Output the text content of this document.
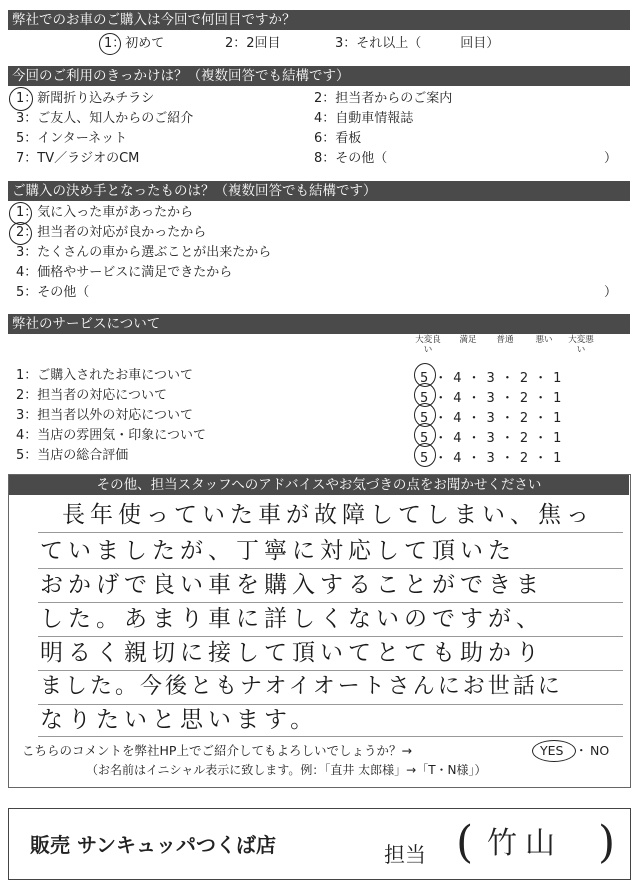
弊社でのお車のご購入は今回で何回目ですか？
1：初めて	2：2回目	3：それ以上（　　　回目）
今回のご利用のきっかけは？（複数回答でも結構です）
1：新聞折り込みチラシ	2：担当者からのご案内
3：ご友人、知人からのご紹介	4：自動車情報誌
5：インターネット	6：看板
7：TV／ラジオのCM	8：その他（	）
ご購入の決め手となったものは？（複数回答でも結構です）
1：気に入った車があったから
2：担当者の対応が良かったから
3：たくさんの車から選ぶことが出来たから
4：価格やサービスに満足できたから
5：その他（	）
弊社のサービスについて
大変良い
満足	普通	悪い	大変悪い
1：ご購入されたお車について	5・4・3・2・1
2：担当者の対応について	5・4・3・2・1
3：担当者以外の対応について	5・4・3・2・1
4：当店の雰囲気・印象について	5・4・3・2・1
5：当店の総合評価	5・4・3・2・1
その他、担当スタッフへのアドバイスやお気づきの点をお聞かせください
長年使っていた車が故障してしまい、焦っ
ていましたが、丁寧に対応して頂いた
おかげで良い車を購入することができま
した。あまり車に詳しくないのですが、
明るく親切に接して頂いてとても助かり
ました。今後ともナオイオートさんにお世話に
なりたいと思います。
こちらのコメントを弊社HP上でご紹介してもよろしいでしょうか？→	YES ・ NO
（お名前はイニシャル表示に致します。例：「直井 太郎様」→「T・N様」）
販売 サンキュッパつくば店	担当 ( 竹山 )
